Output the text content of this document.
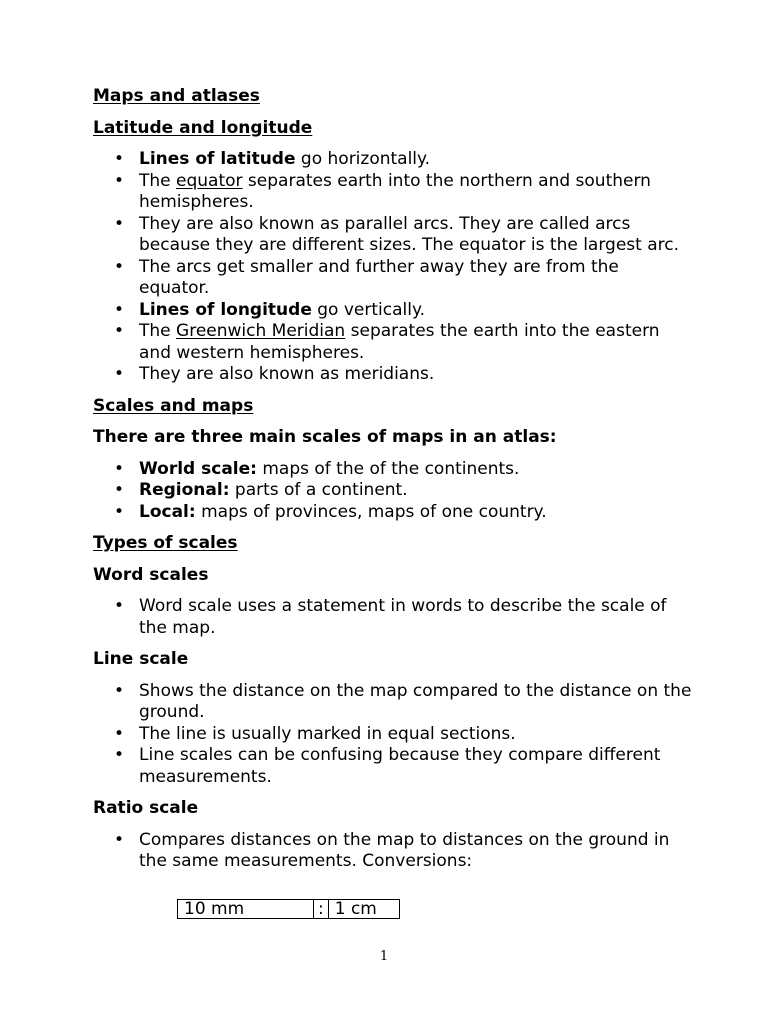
Maps and atlases
Latitude and longitude
• Lines of latitude go horizontally.
• The equator separates earth into the northern and southern hemispheres.
• They are also known as parallel arcs. They are called arcs because they are different sizes. The equator is the largest arc.
• The arcs get smaller and further away they are from the equator.
• Lines of longitude go vertically.
• The Greenwich Meridian separates the earth into the eastern and western hemispheres.
• They are also known as meridians.
Scales and maps
There are three main scales of maps in an atlas:
• World scale: maps of the of the continents.
• Regional: parts of a continent.
• Local: maps of provinces, maps of one country.
Types of scales
Word scales
• Word scale uses a statement in words to describe the scale of the map.
Line scale
• Shows the distance on the map compared to the distance on the ground.
• The line is usually marked in equal sections.
• Line scales can be confusing because they compare different measurements.
Ratio scale
• Compares distances on the map to distances on the ground in the same measurements. Conversions:
10 mm	:	1 cm
1
